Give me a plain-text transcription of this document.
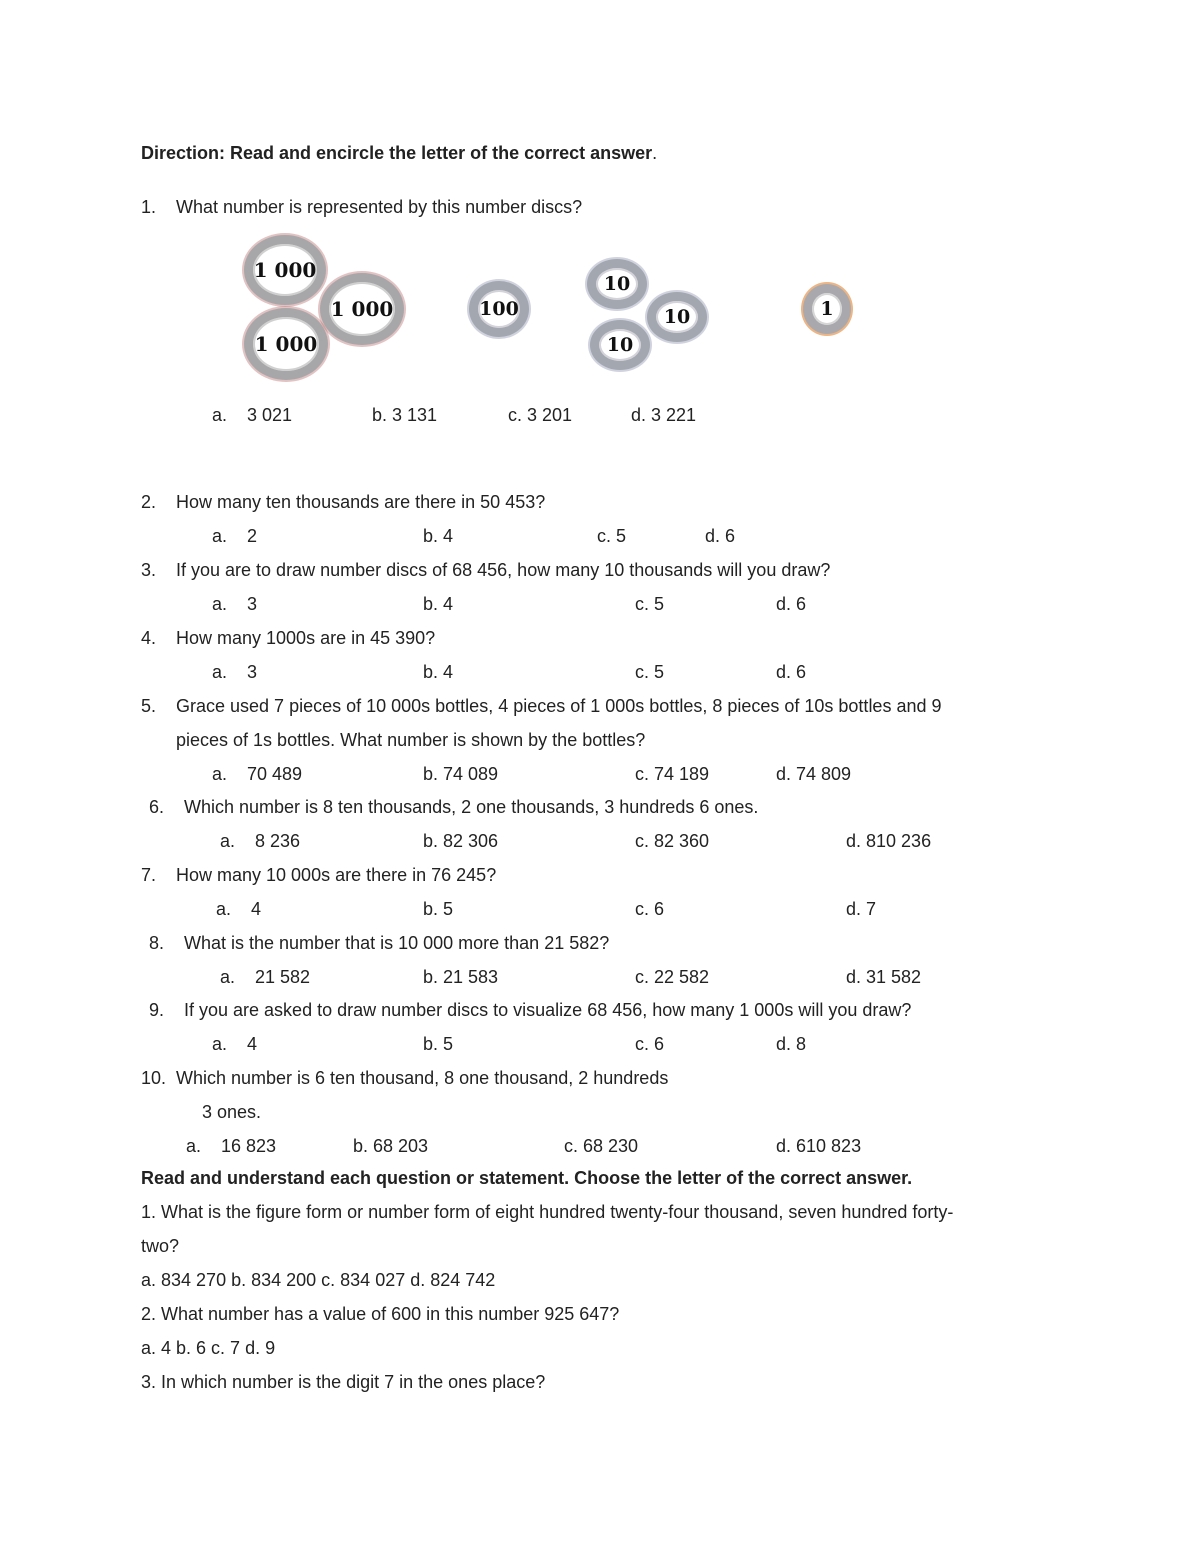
Direction: Read and encircle the letter of the correct answer.
1. What number is represented by this number discs?
1 000
1 000
1 000
100
10
10
10
1
a. 3 021	b. 3 131	c. 3 201	d. 3 221
2. How many ten thousands are there in 50 453?
a. 2	b. 4	c. 5	d. 6
3. If you are to draw number discs of 68 456, how many 10 thousands will you draw?
a. 3	b. 4	c. 5	d. 6
4. How many 1000s are in 45 390?
a. 3	b. 4	c. 5	d. 6
5. Grace used 7 pieces of 10 000s bottles, 4 pieces of 1 000s bottles, 8 pieces of 10s bottles and 9
pieces of 1s bottles. What number is shown by the bottles?
a. 70 489	b. 74 089	c. 74 189	d. 74 809
6. Which number is 8 ten thousands, 2 one thousands, 3 hundreds 6 ones.
a. 8 236	b. 82 306	c. 82 360	d. 810 236
7. How many 10 000s are there in 76 245?
a. 4	b. 5	c. 6	d. 7
8. What is the number that is 10 000 more than 21 582?
a. 21 582	b. 21 583	c. 22 582	d. 31 582
9. If you are asked to draw number discs to visualize 68 456, how many 1 000s will you draw?
a. 4	b. 5	c. 6	d. 8
10. Which number is 6 ten thousand, 8 one thousand, 2 hundreds
3 ones.
a. 16 823	b. 68 203	c. 68 230	d. 610 823
Read and understand each question or statement. Choose the letter of the correct answer.
1. What is the figure form or number form of eight hundred twenty-four thousand, seven hundred forty-
two?
a. 834 270 b. 834 200 c. 834 027 d. 824 742
2. What number has a value of 600 in this number 925 647?
a. 4 b. 6 c. 7 d. 9
3. In which number is the digit 7 in the ones place?
